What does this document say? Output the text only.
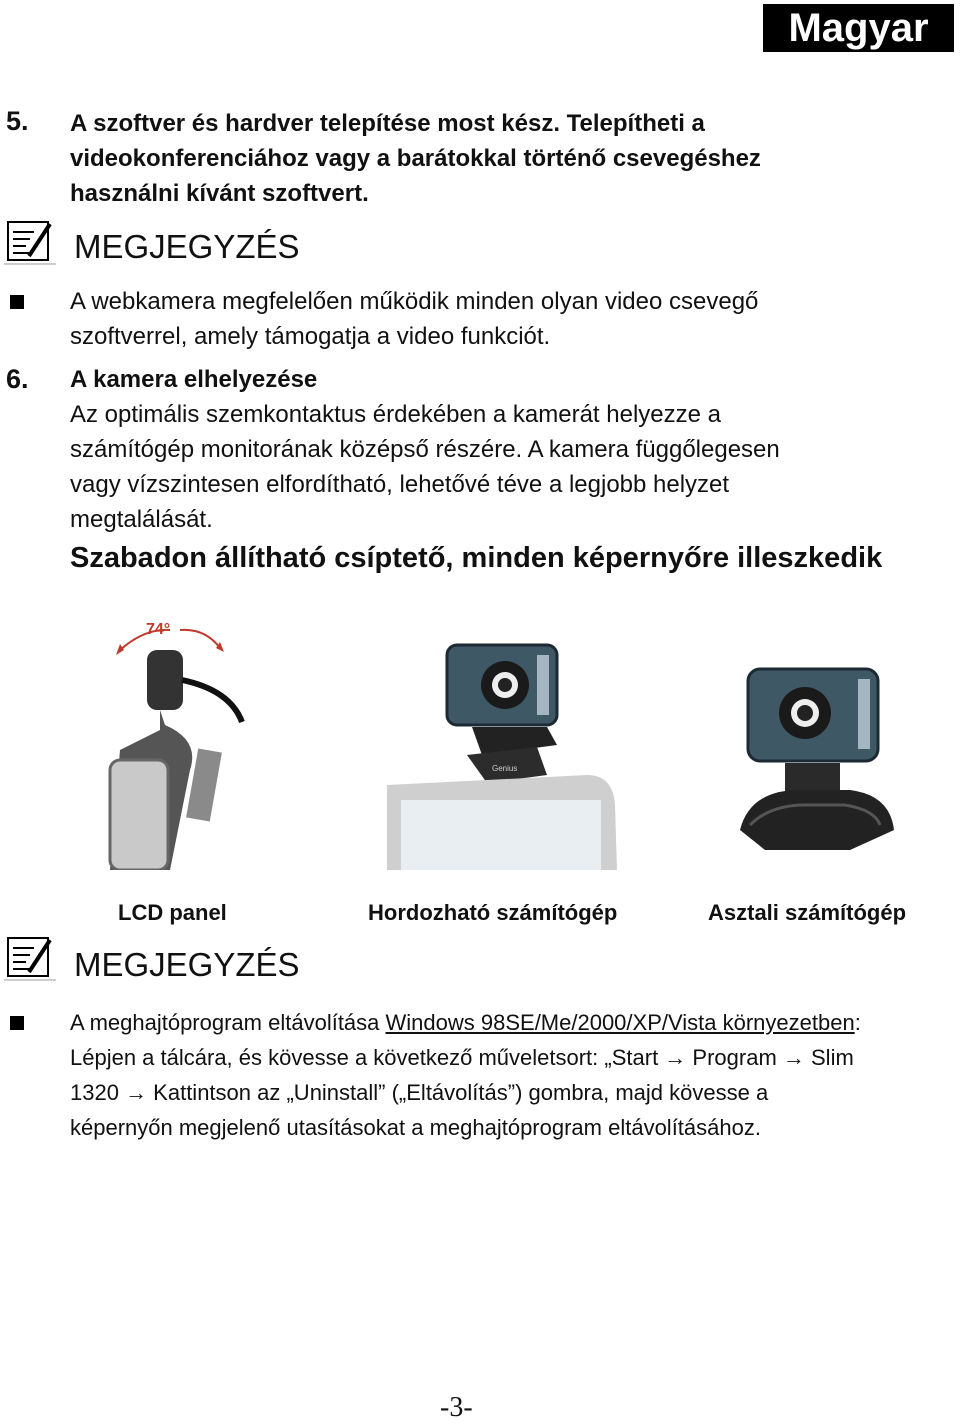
Magyar
5. A szoftver és hardver telepítése most kész. Telepítheti a
videokonferenciához vagy a barátokkal történő csevegéshez
használni kívánt szoftvert.
MEGJEGYZÉS
A webkamera megfelelően működik minden olyan video csevegő
szoftverrel, amely támogatja a video funkciót.
6. A kamera elhelyezése
Az optimális szemkontaktus érdekében a kamerát helyezze a
számítógép monitorának középső részére. A kamera függőlegesen
vagy vízszintesen elfordítható, lehetővé téve a legjobb helyzet
megtalálását.
Szabadon állítható csíptető, minden képernyőre illeszkedik
74°
Genius
LCD panel	Hordozható számítógép	Asztali számítógép
MEGJEGYZÉS
A meghajtóprogram eltávolítása Windows 98SE/Me/2000/XP/Vista környezetben:
Lépjen a tálcára, és kövesse a következő műveletsort: „Start → Program → Slim
1320 → Kattintson az „Uninstall” („Eltávolítás”) gombra, majd kövesse a
képernyőn megjelenő utasításokat a meghajtóprogram eltávolításához.
-3-
